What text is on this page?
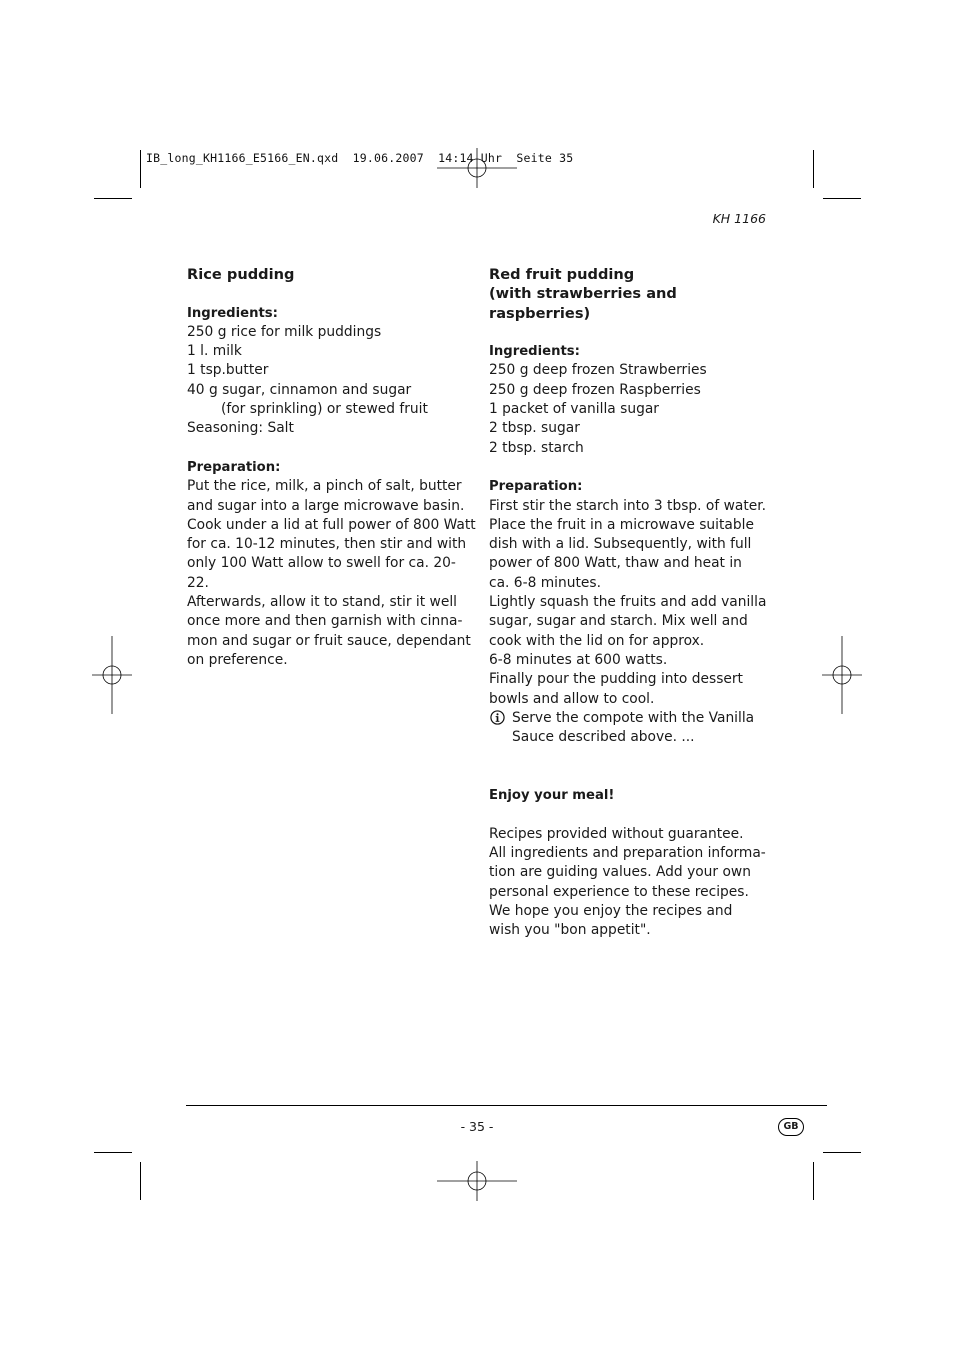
IB_long_KH1166_E5166_EN.qxd  19.06.2007  14:14 Uhr  Seite 35
KH 1166
Rice pudding
Ingredients:
250 g rice for milk puddings
1 l. milk
1 tsp.butter
40 g sugar, cinnamon and sugar
(for sprinkling) or stewed fruit
Seasoning: Salt
Preparation:
Put the rice, milk, a pinch of salt, butter
and sugar into a large microwave basin.
Cook under a lid at full power of 800 Watt
for ca. 10-12 minutes, then stir and with
only 100 Watt allow to swell for ca. 20-22.
Afterwards, allow it to stand, stir it well
once more and then garnish with cinna-
mon and sugar or fruit sauce, dependant
on preference.
Red fruit pudding
(with strawberries and raspberries)
Ingredients:
250 g deep frozen Strawberries
250 g deep frozen Raspberries
1 packet of vanilla sugar
2 tbsp. sugar
2 tbsp. starch
Preparation:
First stir the starch into 3 tbsp. of water.
Place the fruit in a microwave suitable
dish with a lid. Subsequently, with full
power of 800 Watt, thaw and heat in
ca. 6-8 minutes.
Lightly squash the fruits and add vanilla
sugar, sugar and starch. Mix well and
cook with the lid on for approx.
6-8 minutes at 600 watts.
Finally pour the pudding into dessert
bowls and allow to cool.
Serve the compote with the Vanilla
Sauce described above. ...
Enjoy your meal!
Recipes provided without guarantee.
All ingredients and preparation informa-
tion are guiding values. Add your own
personal experience to these recipes.
We hope you enjoy the recipes and
wish you "bon appetit".
- 35 -	GB
